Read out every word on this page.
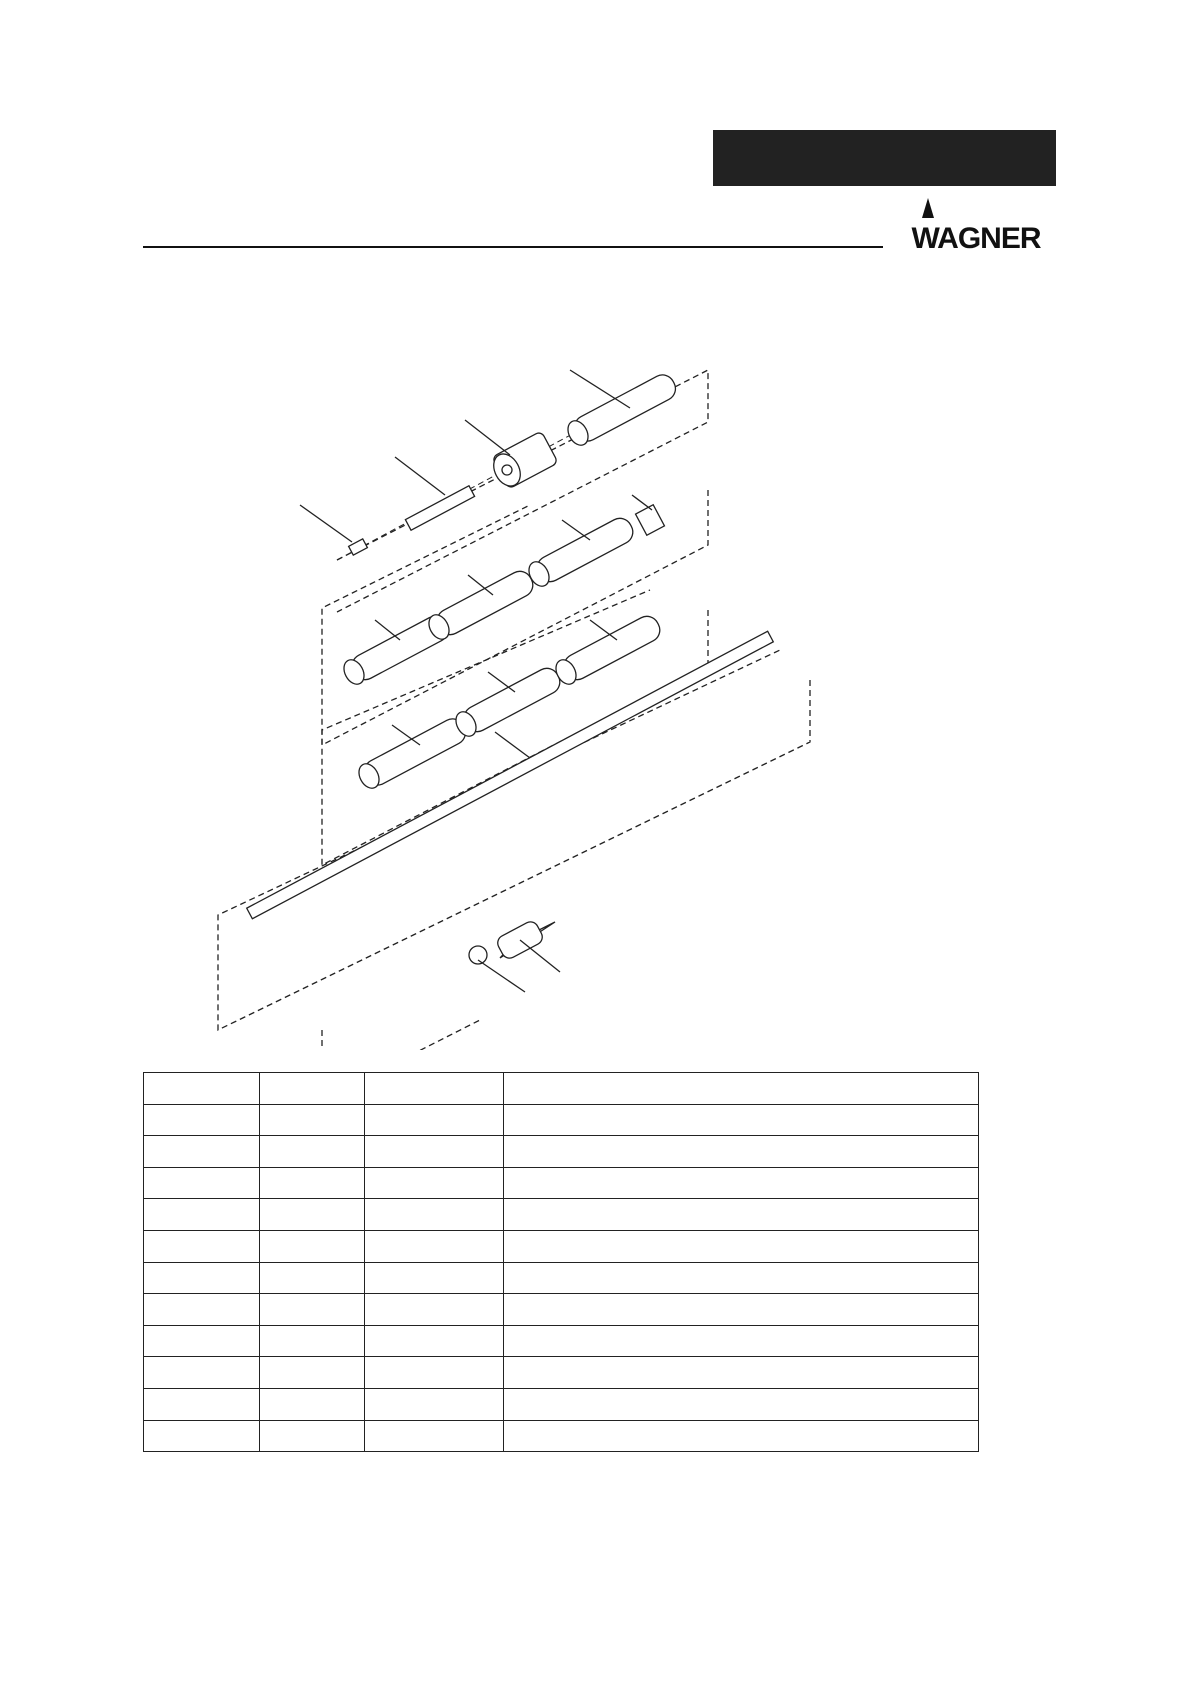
WAGNER
